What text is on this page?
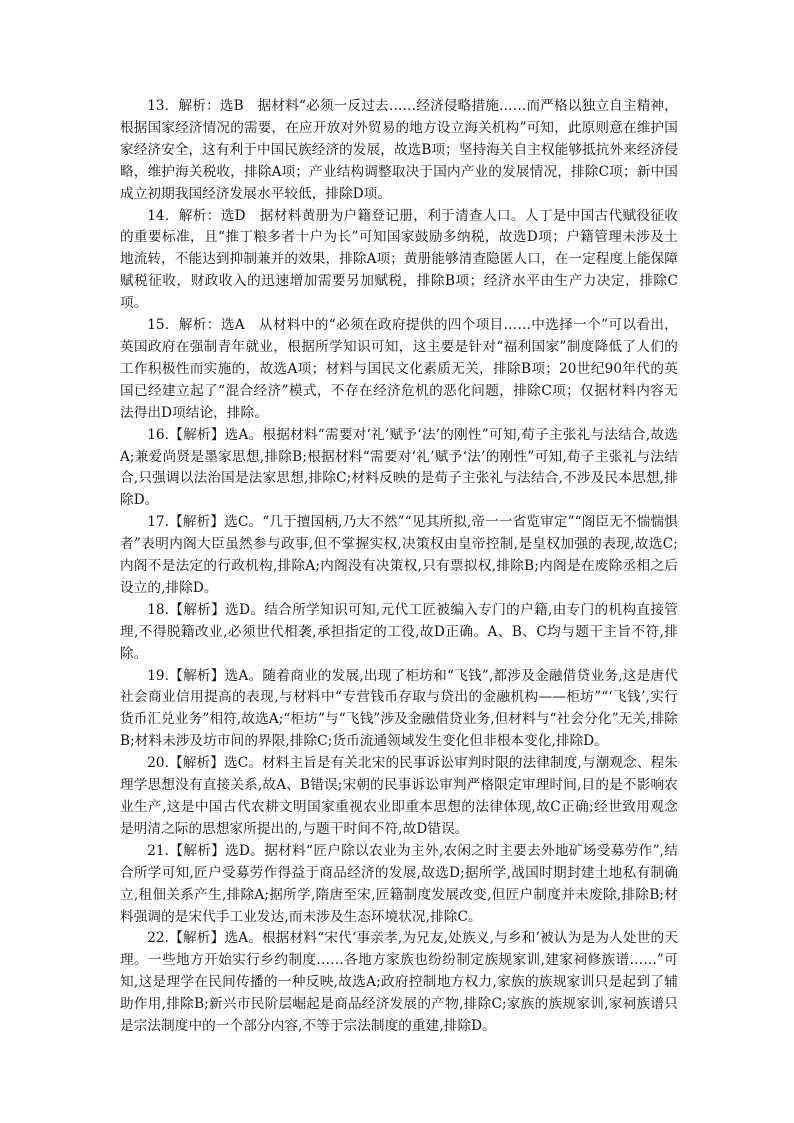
13．解析：选B　据材料“必须一反过去……经济侵略措施……而严格以独立自主精神，根据国家经济情况的需要，在应开放对外贸易的地方设立海关机构”可知，此原则意在维护国家经济安全，这有利于中国民族经济的发展，故选B项；坚持海关自主权能够抵抗外来经济侵略，维护海关税收，排除A项；产业结构调整取决于国内产业的发展情况，排除C项；新中国成立初期我国经济发展水平较低，排除D项。

14．解析：选D　据材料黄册为户籍登记册，利于清查人口。人丁是中国古代赋役征收的重要标准，且“推丁粮多者十户为长”可知国家鼓励多纳税，故选D项；户籍管理未涉及土地流转，不能达到抑制兼并的效果，排除A项；黄册能够清查隐匿人口，在一定程度上能保障赋税征收，财政收入的迅速增加需要另加赋税，排除B项；经济水平由生产力决定，排除C项。

15．解析：选A　从材料中的“必须在政府提供的四个项目……中选择一个”可以看出，英国政府在强制青年就业，根据所学知识可知，这主要是针对“福利国家”制度降低了人们的工作积极性而实施的，故选A项；材料与国民文化素质无关，排除B项；20世纪90年代的英国已经建立起了“混合经济”模式，不存在经济危机的恶化问题，排除C项；仅据材料内容无法得出D项结论，排除。

16.【解析】选A。根据材料“需要对‘礼’赋予‘法’的刚性”可知,荀子主张礼与法结合,故选A;兼爱尚贤是墨家思想,排除B;根据材料“需要对‘礼’赋予‘法’的刚性”可知,荀子主张礼与法结合,只强调以法治国是法家思想,排除C;材料反映的是荀子主张礼与法结合,不涉及民本思想,排除D。

17.【解析】选C。“几于擅国柄,乃大不然”“见其所拟,帝一一省览审定”“阁臣无不惴惴惧者”表明内阁大臣虽然参与政事,但不掌握实权,决策权由皇帝控制,是皇权加强的表现,故选C;内阁不是法定的行政机构,排除A;内阁没有决策权,只有票拟权,排除B;内阁是在废除丞相之后设立的,排除D。

18.【解析】选D。结合所学知识可知,元代工匠被编入专门的户籍,由专门的机构直接管理,不得脱籍改业,必须世代相袭,承担指定的工役,故D正确。A、B、C均与题干主旨不符,排除。

19.【解析】选A。随着商业的发展,出现了柜坊和“飞钱”,都涉及金融借贷业务,这是唐代社会商业信用提高的表现,与材料中“专营钱币存取与贷出的金融机构——柜坊”“‘飞钱’,实行货币汇兑业务”相符,故选A;“柜坊”与“飞钱”涉及金融借贷业务,但材料与“社会分化”无关,排除B;材料未涉及坊市间的界限,排除C;货币流通领域发生变化但非根本变化,排除D。

20.【解析】选C。材料主旨是有关北宋的民事诉讼审判时限的法律制度,与潮观念、程朱理学思想没有直接关系,故A、B错误;宋朝的民事诉讼审判严格限定审理时间,目的是不影响农业生产,这是中国古代农耕文明国家重视农业即重本思想的法律体现,故C正确;经世致用观念是明清之际的思想家所提出的,与题干时间不符,故D错误。

21.【解析】选D。据材料“匠户除以农业为主外,农闲之时主要去外地矿场受募劳作”,结合所学可知,匠户受募劳作得益于商品经济的发展,故选D;据所学,战国时期封建土地私有制确立,租佃关系产生,排除A;据所学,隋唐至宋,匠籍制度发展改变,但匠户制度并未废除,排除B;材料强调的是宋代手工业发达,而未涉及生态环境状况,排除C。

22.【解析】选A。根据材料“宋代‘事亲孝,为兄友,处族义,与乡和’被认为是为人处世的天理。一些地方开始实行乡约制度……各地方家族也纷纷制定族规家训,建家祠修族谱……”可知,这是理学在民间传播的一种反映,故选A;政府控制地方权力,家族的族规家训只是起到了辅助作用,排除B;新兴市民阶层崛起是商品经济发展的产物,排除C;家族的族规家训,家祠族谱只是宗法制度中的一个部分内容,不等于宗法制度的重建,排除D。
